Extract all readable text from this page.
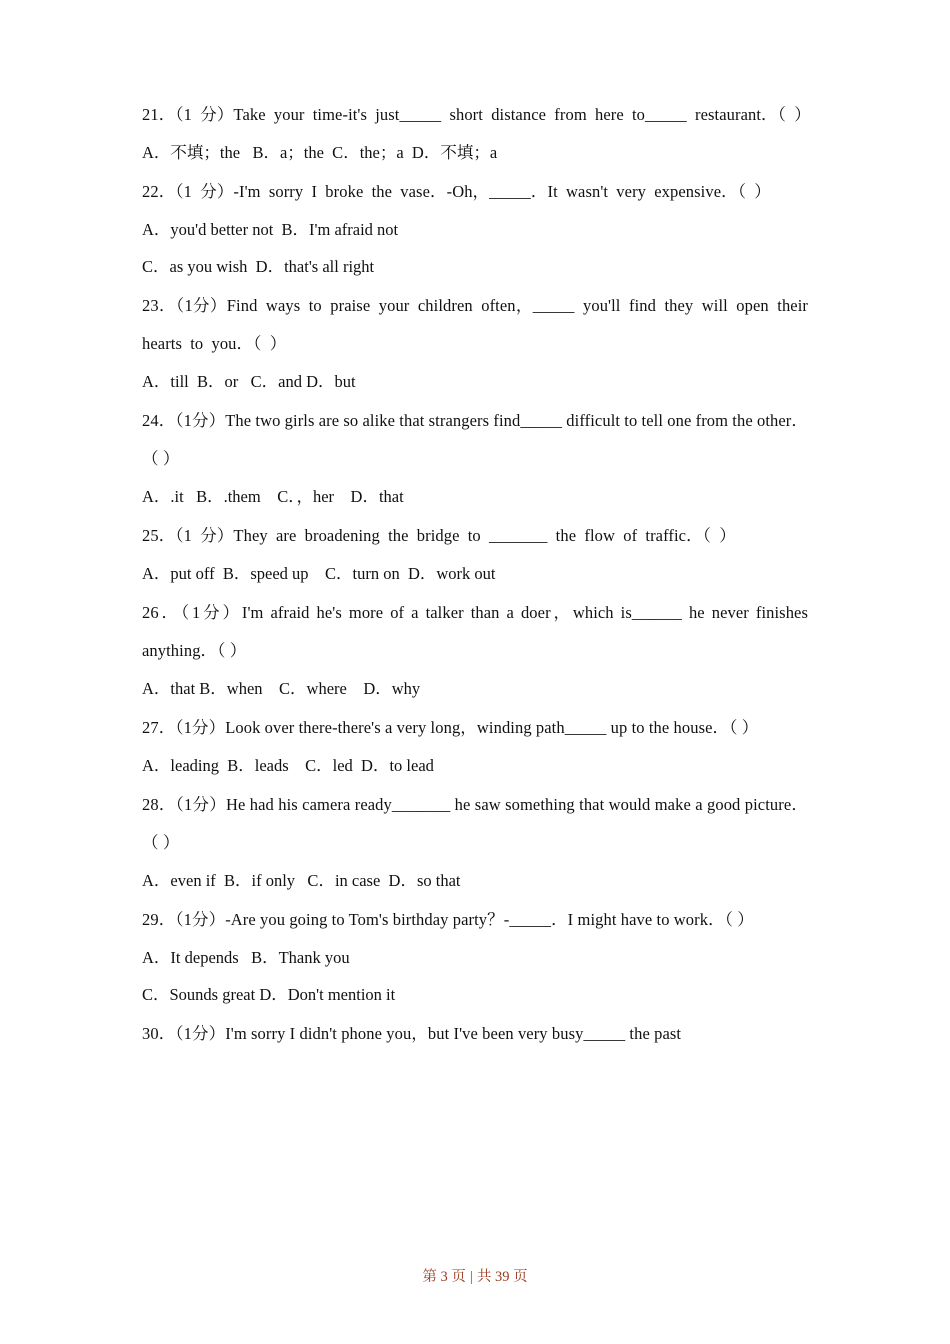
21．（1 分）Take your time‐it's just_____ short distance from here to_____ restaurant．（ ）
A．不填；the   B．a；the  C．the；a  D．不填；a
22．（1 分）‐I'm sorry I broke the vase．‐Oh，_____．It wasn't very expensive．（ ）
A．you'd better not  B．I'm afraid not
C．as you wish  D．that's all right
23．（1分）Find ways to praise your children often，_____ you'll find they will open their hearts to you．（ ）
A．till  B．or   C．and D．but
24．（1分）The two girls are so alike that strangers find_____ difficult to tell one from the other．（ ）
A．.it   B．.them    C．，her    D．that
25．（1 分）They are broadening the bridge to _______ the flow of traffic．（ ）
A．put off  B．speed up    C．turn on  D．work out
26．（1分）I'm afraid he's more of a talker than a doer，which is______ he never finishes anything．（ ）
A．that B．when    C．where    D．why
27．（1分）Look over there‐there's a very long，winding path_____ up to the house．（ ）
A．leading  B．leads    C．led  D．to lead
28．（1分）He had his camera ready_______ he saw something that would make a good picture．（ ）
A．even if  B．if only   C．in case  D．so that
29．（1分）‐Are you going to Tom's birthday party？‐_____．I might have to work．（ ）
A．It depends   B．Thank you
C．Sounds great D．Don't mention it
30．（1分）I'm sorry I didn't phone you，but I've been very busy_____ the past
第 3 页 | 共 39 页
